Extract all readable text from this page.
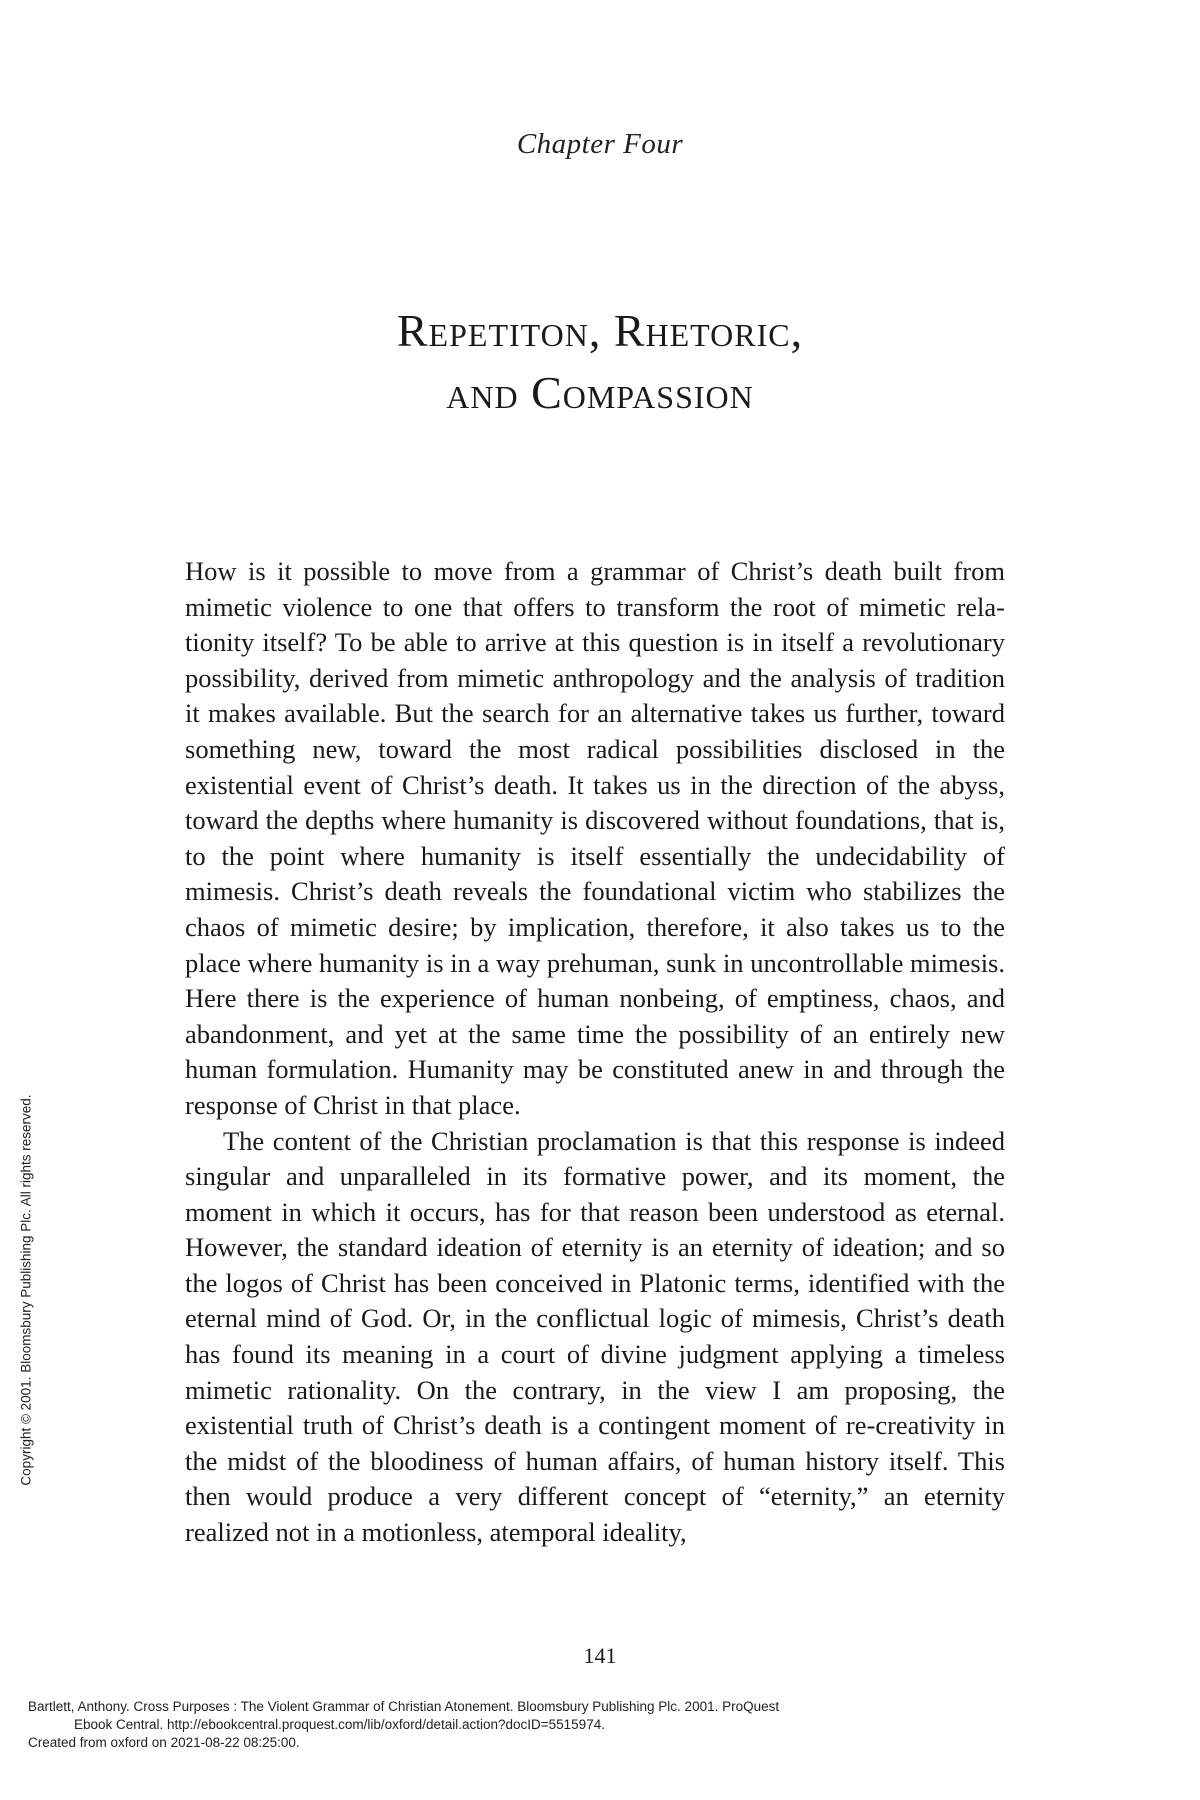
Chapter Four
Repetiton, Rhetoric,
and Compassion

How is it possible to move from a grammar of Christ’s death built from mimetic violence to one that offers to transform the root of mimetic relationity itself? To be able to arrive at this question is in itself a revolutionary possibility, derived from mimetic anthropology and the analysis of tradition it makes available. But the search for an alternative takes us further, toward something new, toward the most radical possibilities disclosed in the existential event of Christ’s death. It takes us in the direction of the abyss, toward the depths where humanity is discovered without foundations, that is, to the point where humanity is itself essentially the undecidability of mimesis. Christ’s death reveals the foundational victim who stabilizes the chaos of mimetic desire; by implication, therefore, it also takes us to the place where humanity is in a way prehuman, sunk in uncontrollable mimesis. Here there is the experience of human nonbeing, of emptiness, chaos, and abandonment, and yet at the same time the possibility of an entirely new human formulation. Humanity may be constituted anew in and through the response of Christ in that place.

The content of the Christian proclamation is that this response is indeed singular and unparalleled in its formative power, and its moment, the moment in which it occurs, has for that reason been understood as eternal. However, the standard ideation of eternity is an eternity of ideation; and so the logos of Christ has been conceived in Platonic terms, identified with the eternal mind of God. Or, in the conflictual logic of mimesis, Christ’s death has found its meaning in a court of divine judgment applying a timeless mimetic rationality. On the contrary, in the view I am proposing, the existential truth of Christ’s death is a contingent moment of re-creativity in the midst of the bloodiness of human affairs, of human history itself. This then would produce a very different concept of “eternity,” an eternity realized not in a motionless, atemporal ideality,

Copyright © 2001. Bloomsbury Publishing Plc. All rights reserved.
141
Bartlett, Anthony. Cross Purposes : The Violent Grammar of Christian Atonement. Bloomsbury Publishing Plc. 2001. ProQuest
Ebook Central. http://ebookcentral.proquest.com/lib/oxford/detail.action?docID=5515974.
Created from oxford on 2021-08-22 08:25:00.
